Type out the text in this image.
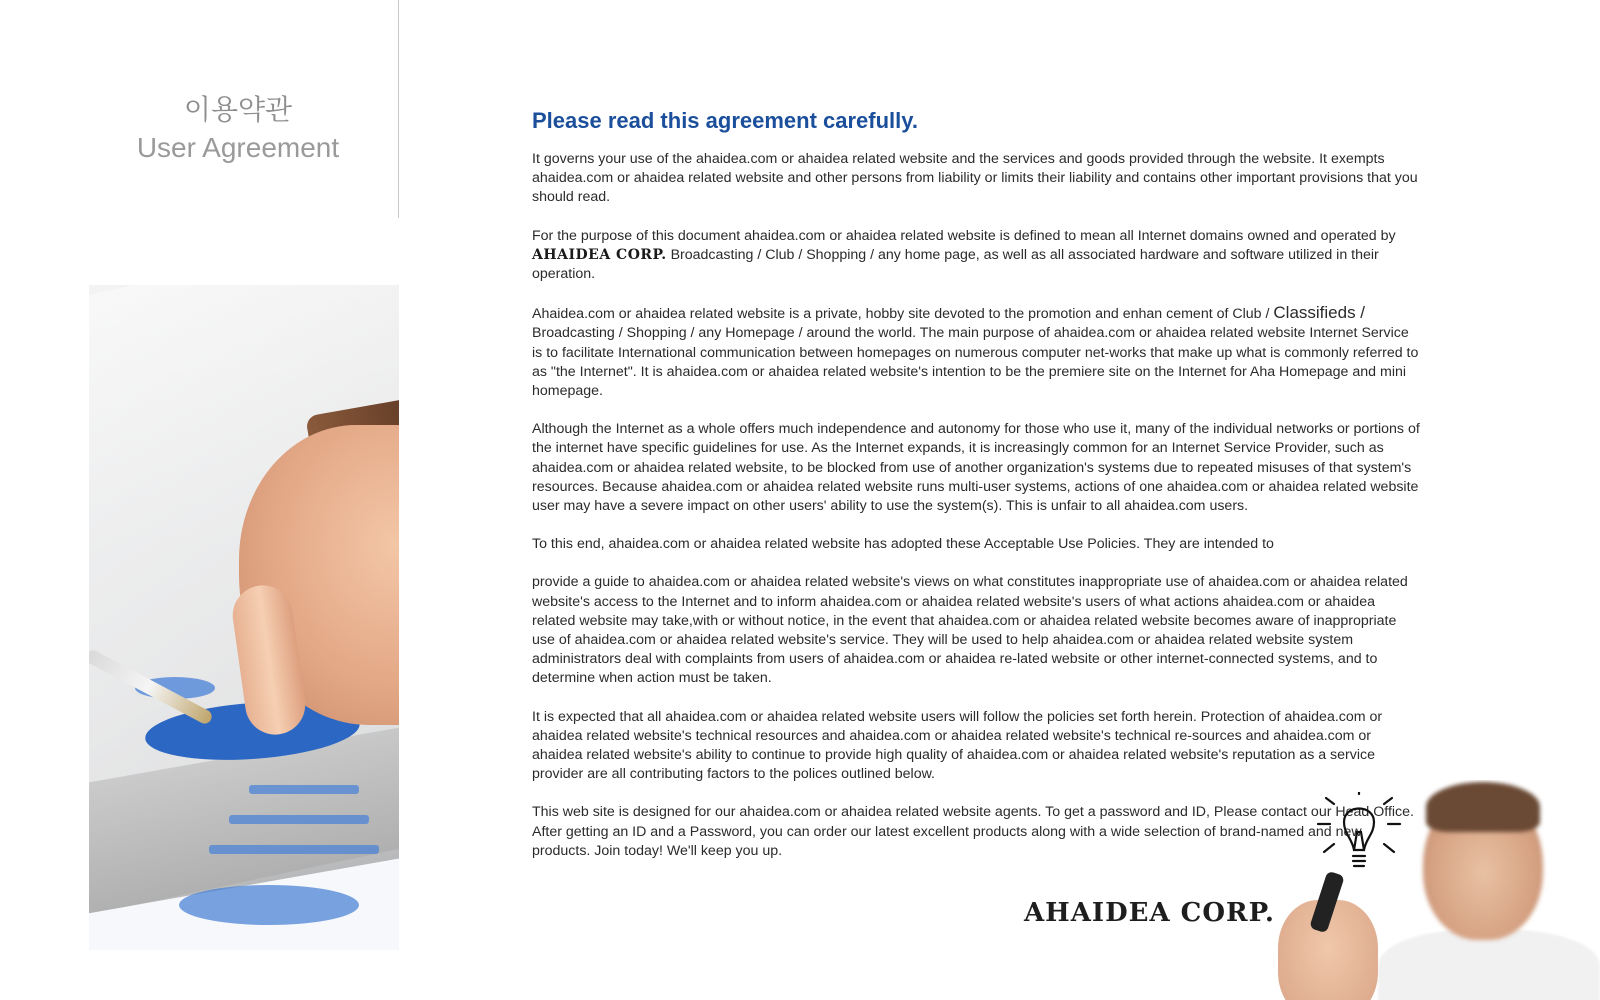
이용약관
User Agreement
Please read this agreement carefully.

It governs your use of the ahaidea.com or ahaidea related website and the services and goods provided through the website. It exempts ahaidea.com or ahaidea related website and other persons from liability or limits their liability and contains other important provisions that you should read.

For the purpose of this document ahaidea.com or ahaidea related website is defined to mean all Internet domains owned and operated by AHAIDEA CORP. Broadcasting / Club / Shopping / any home page, as well as all associated hardware and software utilized in their operation.

Ahaidea.com or ahaidea related website is a private, hobby site devoted to the promotion and enhan cement of Club / Classifieds / Broadcasting / Shopping / any Homepage / around the world. The main purpose of ahaidea.com or ahaidea related website Internet Service is to facilitate International communication between homepages on numerous computer net-works that make up what is commonly referred to as "the Internet". It is ahaidea.com or ahaidea related website's intention to be the premiere site on the Internet for Aha Homepage and mini homepage.

Although the Internet as a whole offers much independence and autonomy for those who use it, many of the individual networks or portions of the internet have specific guidelines for use. As the Internet expands, it is increasingly common for an Internet Service Provider, such as ahaidea.com or ahaidea related website, to be blocked from use of another organization's systems due to repeated misuses of that system's resources. Because ahaidea.com or ahaidea related website runs multi-user systems, actions of one ahaidea.com or ahaidea related website user may have a severe impact on other users' ability to use the system(s). This is unfair to all ahaidea.com users.

To this end, ahaidea.com or ahaidea related website has adopted these Acceptable Use Policies. They are intended to

provide a guide to ahaidea.com or ahaidea related website's views on what constitutes inappropriate use of ahaidea.com or ahaidea related website's access to the Internet and to inform ahaidea.com or ahaidea related website's users of what actions ahaidea.com or ahaidea related website may take,with or without notice, in the event that ahaidea.com or ahaidea related website becomes aware of inappropriate use of ahaidea.com or ahaidea related website's service. They will be used to help ahaidea.com or ahaidea related website system administrators deal with complaints from users of ahaidea.com or ahaidea re-lated website or other internet-connected systems, and to determine when action must be taken.

It is expected that all ahaidea.com or ahaidea related website users will follow the policies set forth herein. Protection of ahaidea.com or ahaidea related website's technical resources and ahaidea.com or ahaidea related website's technical re-sources and ahaidea.com or ahaidea related website's ability to continue to provide high quality of ahaidea.com or ahaidea related website's reputation as a service provider are all contributing factors to the polices outlined below.

This web site is designed for our ahaidea.com or ahaidea related website agents. To get a password and ID, Please contact our Head Office. After getting an ID and a Password, you can order our latest excellent products along with a wide selection of brand-named and new products. Join today! We'll keep you up.

AHAIDEA CORP.
